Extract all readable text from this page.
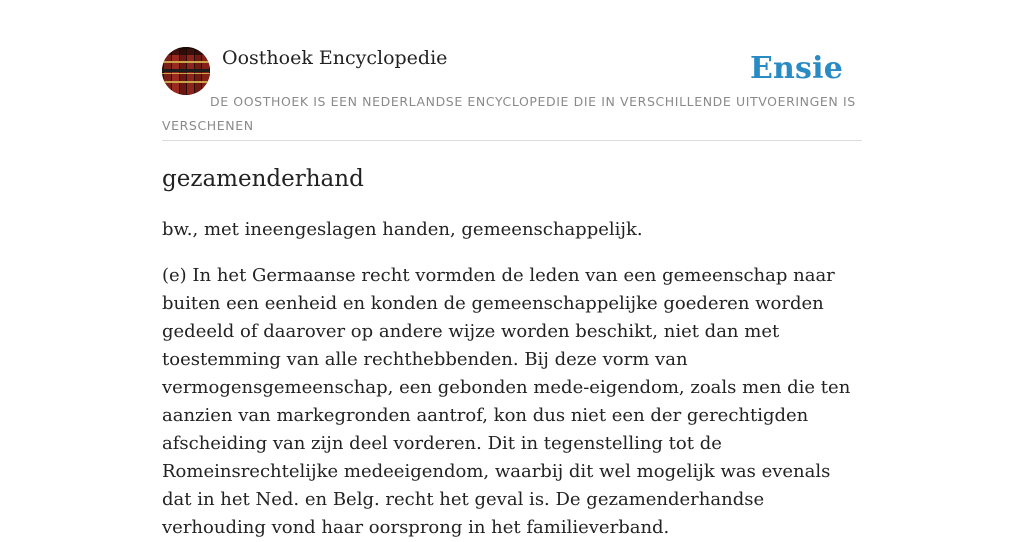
Oosthoek Encyclopedie	Ensie
DE OOSTHOEK IS EEN NEDERLANDSE ENCYCLOPEDIE DIE IN VERSCHILLENDE UITVOERINGEN IS VERSCHENEN
gezamenderhand

bw., met ineengeslagen handen, gemeenschappelijk.

(e) In het Germaanse recht vormden de leden van een gemeenschap naar buiten een eenheid en konden de gemeenschappelijke goederen worden gedeeld of daarover op andere wijze worden beschikt, niet dan met toestemming van alle rechthebbenden. Bij deze vorm van vermogensgemeenschap, een gebonden mede-eigendom, zoals men die ten aanzien van markegronden aantrof, kon dus niet een der gerechtigden afscheiding van zijn deel vorderen. Dit in tegenstelling tot de Romeinsrechtelijke medeeigendom, waarbij dit wel mogelijk was evenals dat in het Ned. en Belg. recht het geval is. De gezamenderhandse verhouding vond haar oorsprong in het familieverband.
